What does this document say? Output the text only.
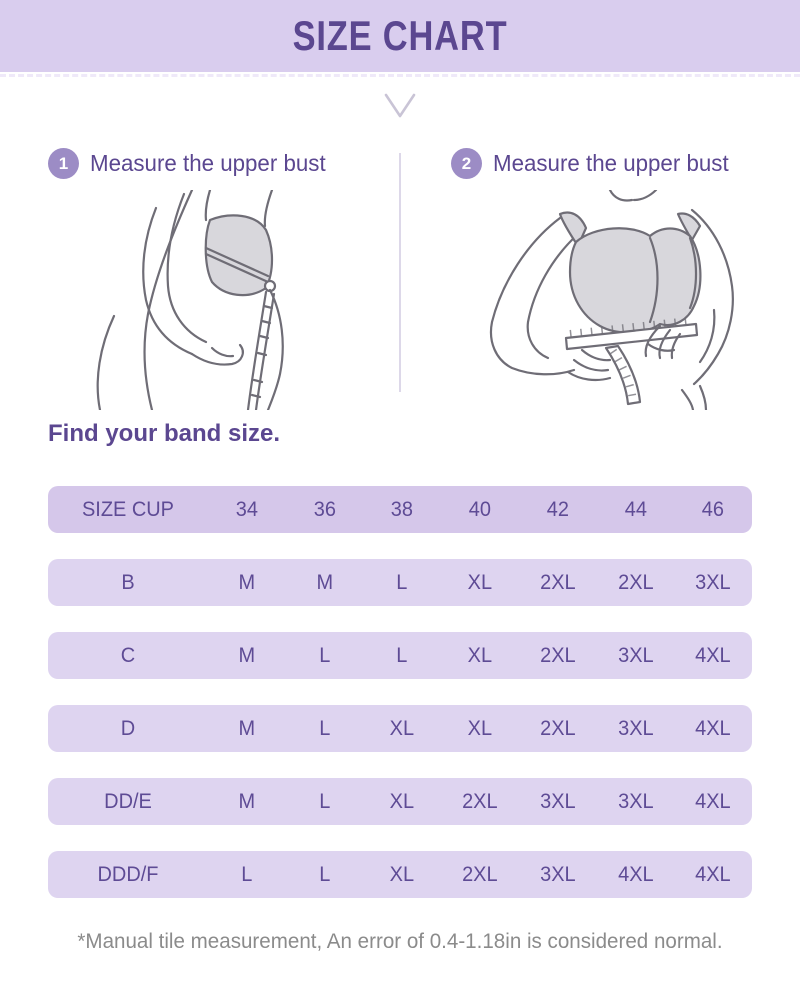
SIZE CHART
1 Measure the upper bust	2 Measure the upper bust
Find your band size.
SIZE CUP	34	36	38	40	42	44	46
B	M	M	L	XL	2XL	2XL	3XL
C	M	L	L	XL	2XL	3XL	4XL
D	M	L	XL	XL	2XL	3XL	4XL
DD/E	M	L	XL	2XL	3XL	3XL	4XL
DDD/F	L	L	XL	2XL	3XL	4XL	4XL

*Manual tile measurement, An error of 0.4-1.18in is considered normal.
